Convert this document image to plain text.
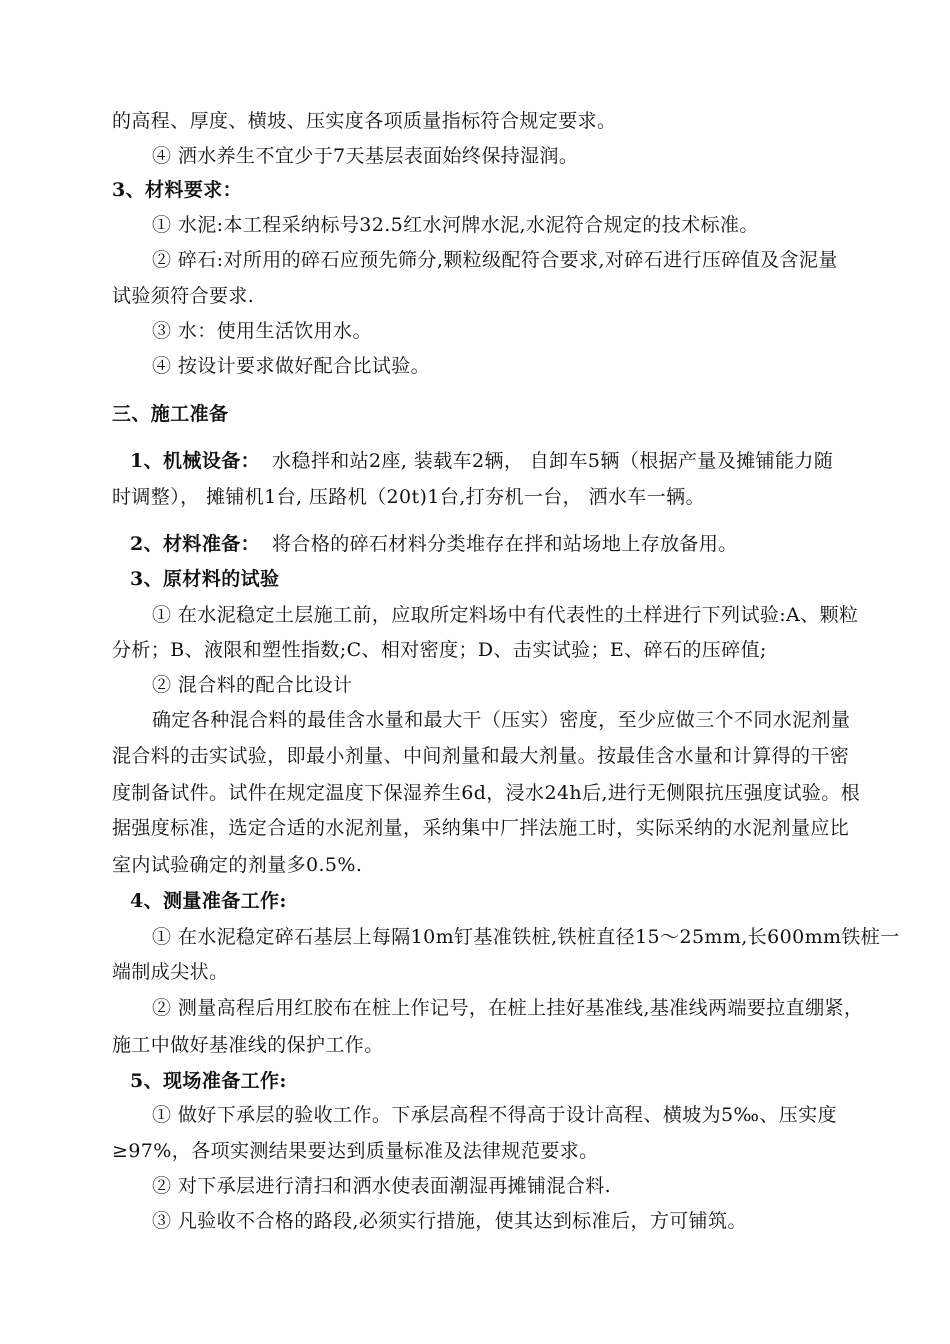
的高程、厚度、横坡、压实度各项质量指标符合规定要求。
④ 洒水养生不宜少于7天基层表面始终保持湿润。
3、材料要求：
① 水泥:本工程采纳标号32.5红水河牌水泥,水泥符合规定的技术标准。
② 碎石:对所用的碎石应预先筛分,颗粒级配符合要求,对碎石进行压碎值及含泥量
试验须符合要求.
③ 水：使用生活饮用水。
④ 按设计要求做好配合比试验。
三、施工准备
1、机械设备： 水稳拌和站2座, 装载车2辆， 自卸车5辆（根据产量及摊铺能力随
时调整）， 摊铺机1台, 压路机（20t)1台,打夯机一台， 洒水车一辆。
2、材料准备： 将合格的碎石材料分类堆存在拌和站场地上存放备用。
3、原材料的试验
① 在水泥稳定土层施工前，应取所定料场中有代表性的土样进行下列试验:A、颗粒
分析；B、液限和塑性指数;C、相对密度；D、击实试验；E、碎石的压碎值;
② 混合料的配合比设计
确定各种混合料的最佳含水量和最大干（压实）密度，至少应做三个不同水泥剂量
混合料的击实试验，即最小剂量、中间剂量和最大剂量。按最佳含水量和计算得的干密
度制备试件。试件在规定温度下保湿养生6d，浸水24h后,进行无侧限抗压强度试验。根
据强度标准，选定合适的水泥剂量，采纳集中厂拌法施工时，实际采纳的水泥剂量应比
室内试验确定的剂量多0.5%.
4、测量准备工作:
① 在水泥稳定碎石基层上每隔10m钉基准铁桩,铁桩直径15～25mm,长600mm铁桩一
端制成尖状。
② 测量高程后用红胶布在桩上作记号，在桩上挂好基准线,基准线两端要拉直绷紧，
施工中做好基准线的保护工作。
5、现场准备工作:
① 做好下承层的验收工作。下承层高程不得高于设计高程、横坡为5‰、压实度
≥97%，各项实测结果要达到质量标准及法律规范要求。
② 对下承层进行清扫和洒水使表面潮湿再摊铺混合料.
③ 凡验收不合格的路段,必须实行措施，使其达到标准后，方可铺筑。
